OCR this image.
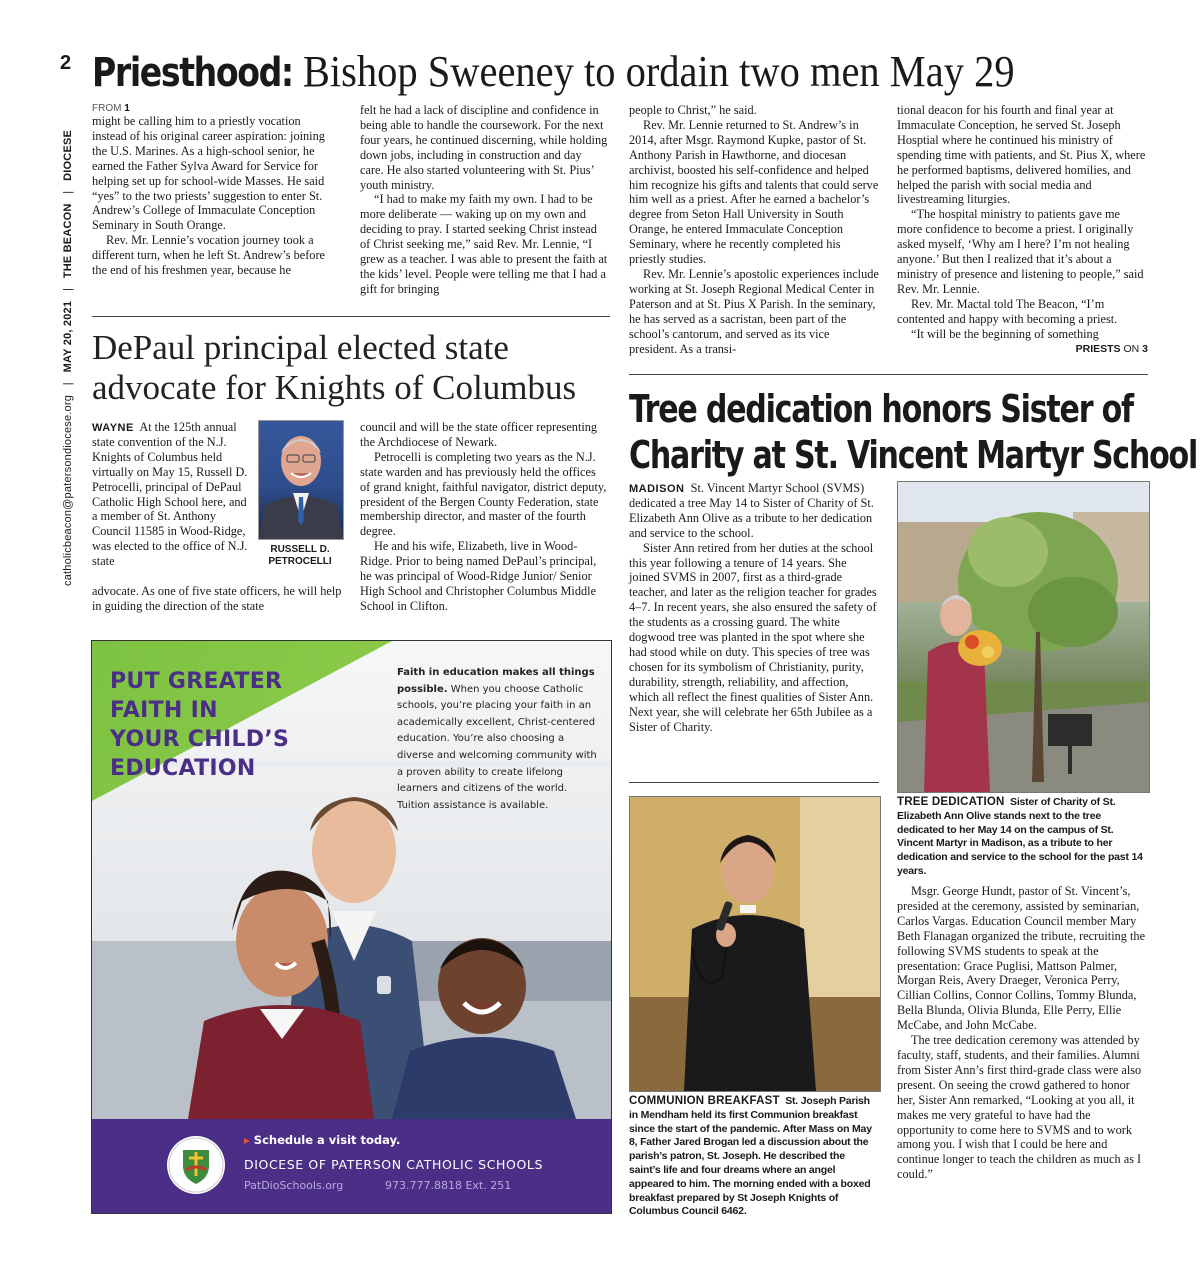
2
catholicbeacon@patersondiocese.org   |   MAY 20, 2021   |   THE BEACON   |   DIOCESE
Priesthood: Bishop Sweeney to ordain two men May 29
FROM 1

might be calling him to a priestly vocation instead of his original career aspiration: joining the U.S. Marines. As a high-school senior, he earned the Father Sylva Award for Service for helping set up for school-wide Masses. He said “yes” to the two priests’ suggestion to enter St. Andrew’s College of Immaculate Conception Seminary in South Orange.

Rev. Mr. Lennie’s vocation journey took a different turn, when he left St. Andrew’s before the end of his freshmen year, because he

felt he had a lack of discipline and confidence in being able to handle the coursework. For the next four years, he continued discerning, while holding down jobs, including in construction and day care. He also started volunteering with St. Pius’ youth ministry.

“I had to make my faith my own. I had to be more deliberate — waking up on my own and deciding to pray. I started seeking Christ instead of Christ seeking me,” said Rev. Mr. Lennie, “I grew as a teacher. I was able to present the faith at the kids’ level. People were telling me that I had a gift for bringing

people to Christ,” he said.

Rev. Mr. Lennie returned to St. Andrew’s in 2014, after Msgr. Raymond Kupke, pastor of St. Anthony Parish in Hawthorne, and diocesan archivist, boosted his self-confidence and helped him recognize his gifts and talents that could serve him well as a priest. After he earned a bachelor’s degree from Seton Hall University in South Orange, he entered Immaculate Conception Seminary, where he recently completed his priestly studies.

Rev. Mr. Lennie’s apostolic experiences include working at St. Joseph Regional Medical Center in Paterson and at St. Pius X Parish. In the seminary, he has served as a sacristan, been part of the school’s cantorum, and served as its vice president. As a transi-

tional deacon for his fourth and final year at Immaculate Conception, he served St. Joseph Hosptial where he continued his ministry of spending time with patients, and St. Pius X, where he performed baptisms, delivered homilies, and helped the parish with social media and livestreaming liturgies.

“The hospital ministry to patients gave me more confidence to become a priest. I originally asked myself, ‘Why am I here? I’m not healing anyone.’ But then I realized that it’s about a ministry of presence and listening to people,” said Rev. Mr. Lennie.

Rev. Mr. Mactal told The Beacon, “I’m contented and happy with becoming a priest.

“It will be the beginning of something

PRIESTS ON 3
DePaul principal elected state
advocate for Knights of Columbus

WAYNE At the 125th annual state convention of the N.J. Knights of Columbus held virtually on May 15, Russell D. Petrocelli, principal of DePaul Catholic High School here, and a member of St. Anthony Council 11585 in Wood-Ridge, was elected to the office of N.J. state

advocate. As one of five state officers, he will help in guiding the direction of the state

RUSSELL D.
PETROCELLI

council and will be the state officer representing the Archdiocese of Newark.

Petrocelli is completing two years as the N.J. state warden and has previously held the offices of grand knight, faithful navigator, district deputy, president of the Bergen County Federation, state membership director, and master of the fourth degree.

He and his wife, Elizabeth, live in Wood-Ridge. Prior to being named DePaul’s principal, he was principal of Wood-Ridge Junior/ Senior High School and Christopher Columbus Middle School in Clifton.

PUT GREATER
FAITH IN
YOUR CHILD’S
EDUCATION
Faith in education makes all things possible. When you choose Catholic schools, you’re placing your faith in an academically excellent, Christ-centered education. You’re also choosing a diverse and welcoming community with a proven ability to create lifelong learners and citizens of the world. Tuition assistance is available.
▸ Schedule a visit today.
DIOCESE OF PATERSON CATHOLIC SCHOOLS
PatDioSchools.org	973.777.8818 Ext. 251
Tree dedication honors Sister of
Charity at St. Vincent Martyr School

MADISON St. Vincent Martyr School (SVMS) dedicated a tree May 14 to Sister of Charity of St. Elizabeth Ann Olive as a tribute to her dedication and service to the school.

Sister Ann retired from her duties at the school this year following a tenure of 14 years. She joined SVMS in 2007, first as a third-grade teacher, and later as the religion teacher for grades 4–7. In recent years, she also ensured the safety of the students as a crossing guard. The white dogwood tree was planted in the spot where she had stood while on duty. This species of tree was chosen for its symbolism of Christianity, purity, durability, strength, reliability, and affection, which all reflect the finest qualities of Sister Ann. Next year, she will celebrate her 65th Jubilee as a Sister of Charity.

TREE DEDICATION Sister of Charity of St. Elizabeth Ann Olive stands next to the tree dedicated to her May 14 on the campus of St. Vincent Martyr in Madison, as a tribute to her dedication and service to the school for the past 14 years.

Msgr. George Hundt, pastor of St. Vincent’s, presided at the ceremony, assisted by seminarian, Carlos Vargas. Education Council member Mary Beth Flanagan organized the tribute, recruiting the following SVMS students to speak at the presentation: Grace Puglisi, Mattson Palmer, Morgan Reis, Avery Draeger, Veronica Perry, Cillian Collins, Connor Collins, Tommy Blunda, Bella Blunda, Olivia Blunda, Elle Perry, Ellie McCabe, and John McCabe.

The tree dedication ceremony was attended by faculty, staff, students, and their families. Alumni from Sister Ann’s first third-grade class were also present. On seeing the crowd gathered to honor her, Sister Ann remarked, “Looking at you all, it makes me very grateful to have had the opportunity to come here to SVMS and to work among you. I wish that I could be here and continue longer to teach the children as much as I could.”

COMMUNION BREAKFAST St. Joseph Parish in Mendham held its first Communion breakfast since the start of the pandemic. After Mass on May 8, Father Jared Brogan led a discussion about the parish’s patron, St. Joseph. He described the saint’s life and four dreams where an angel appeared to him. The morning ended with a boxed breakfast prepared by St Joseph Knights of Columbus Council 6462.
